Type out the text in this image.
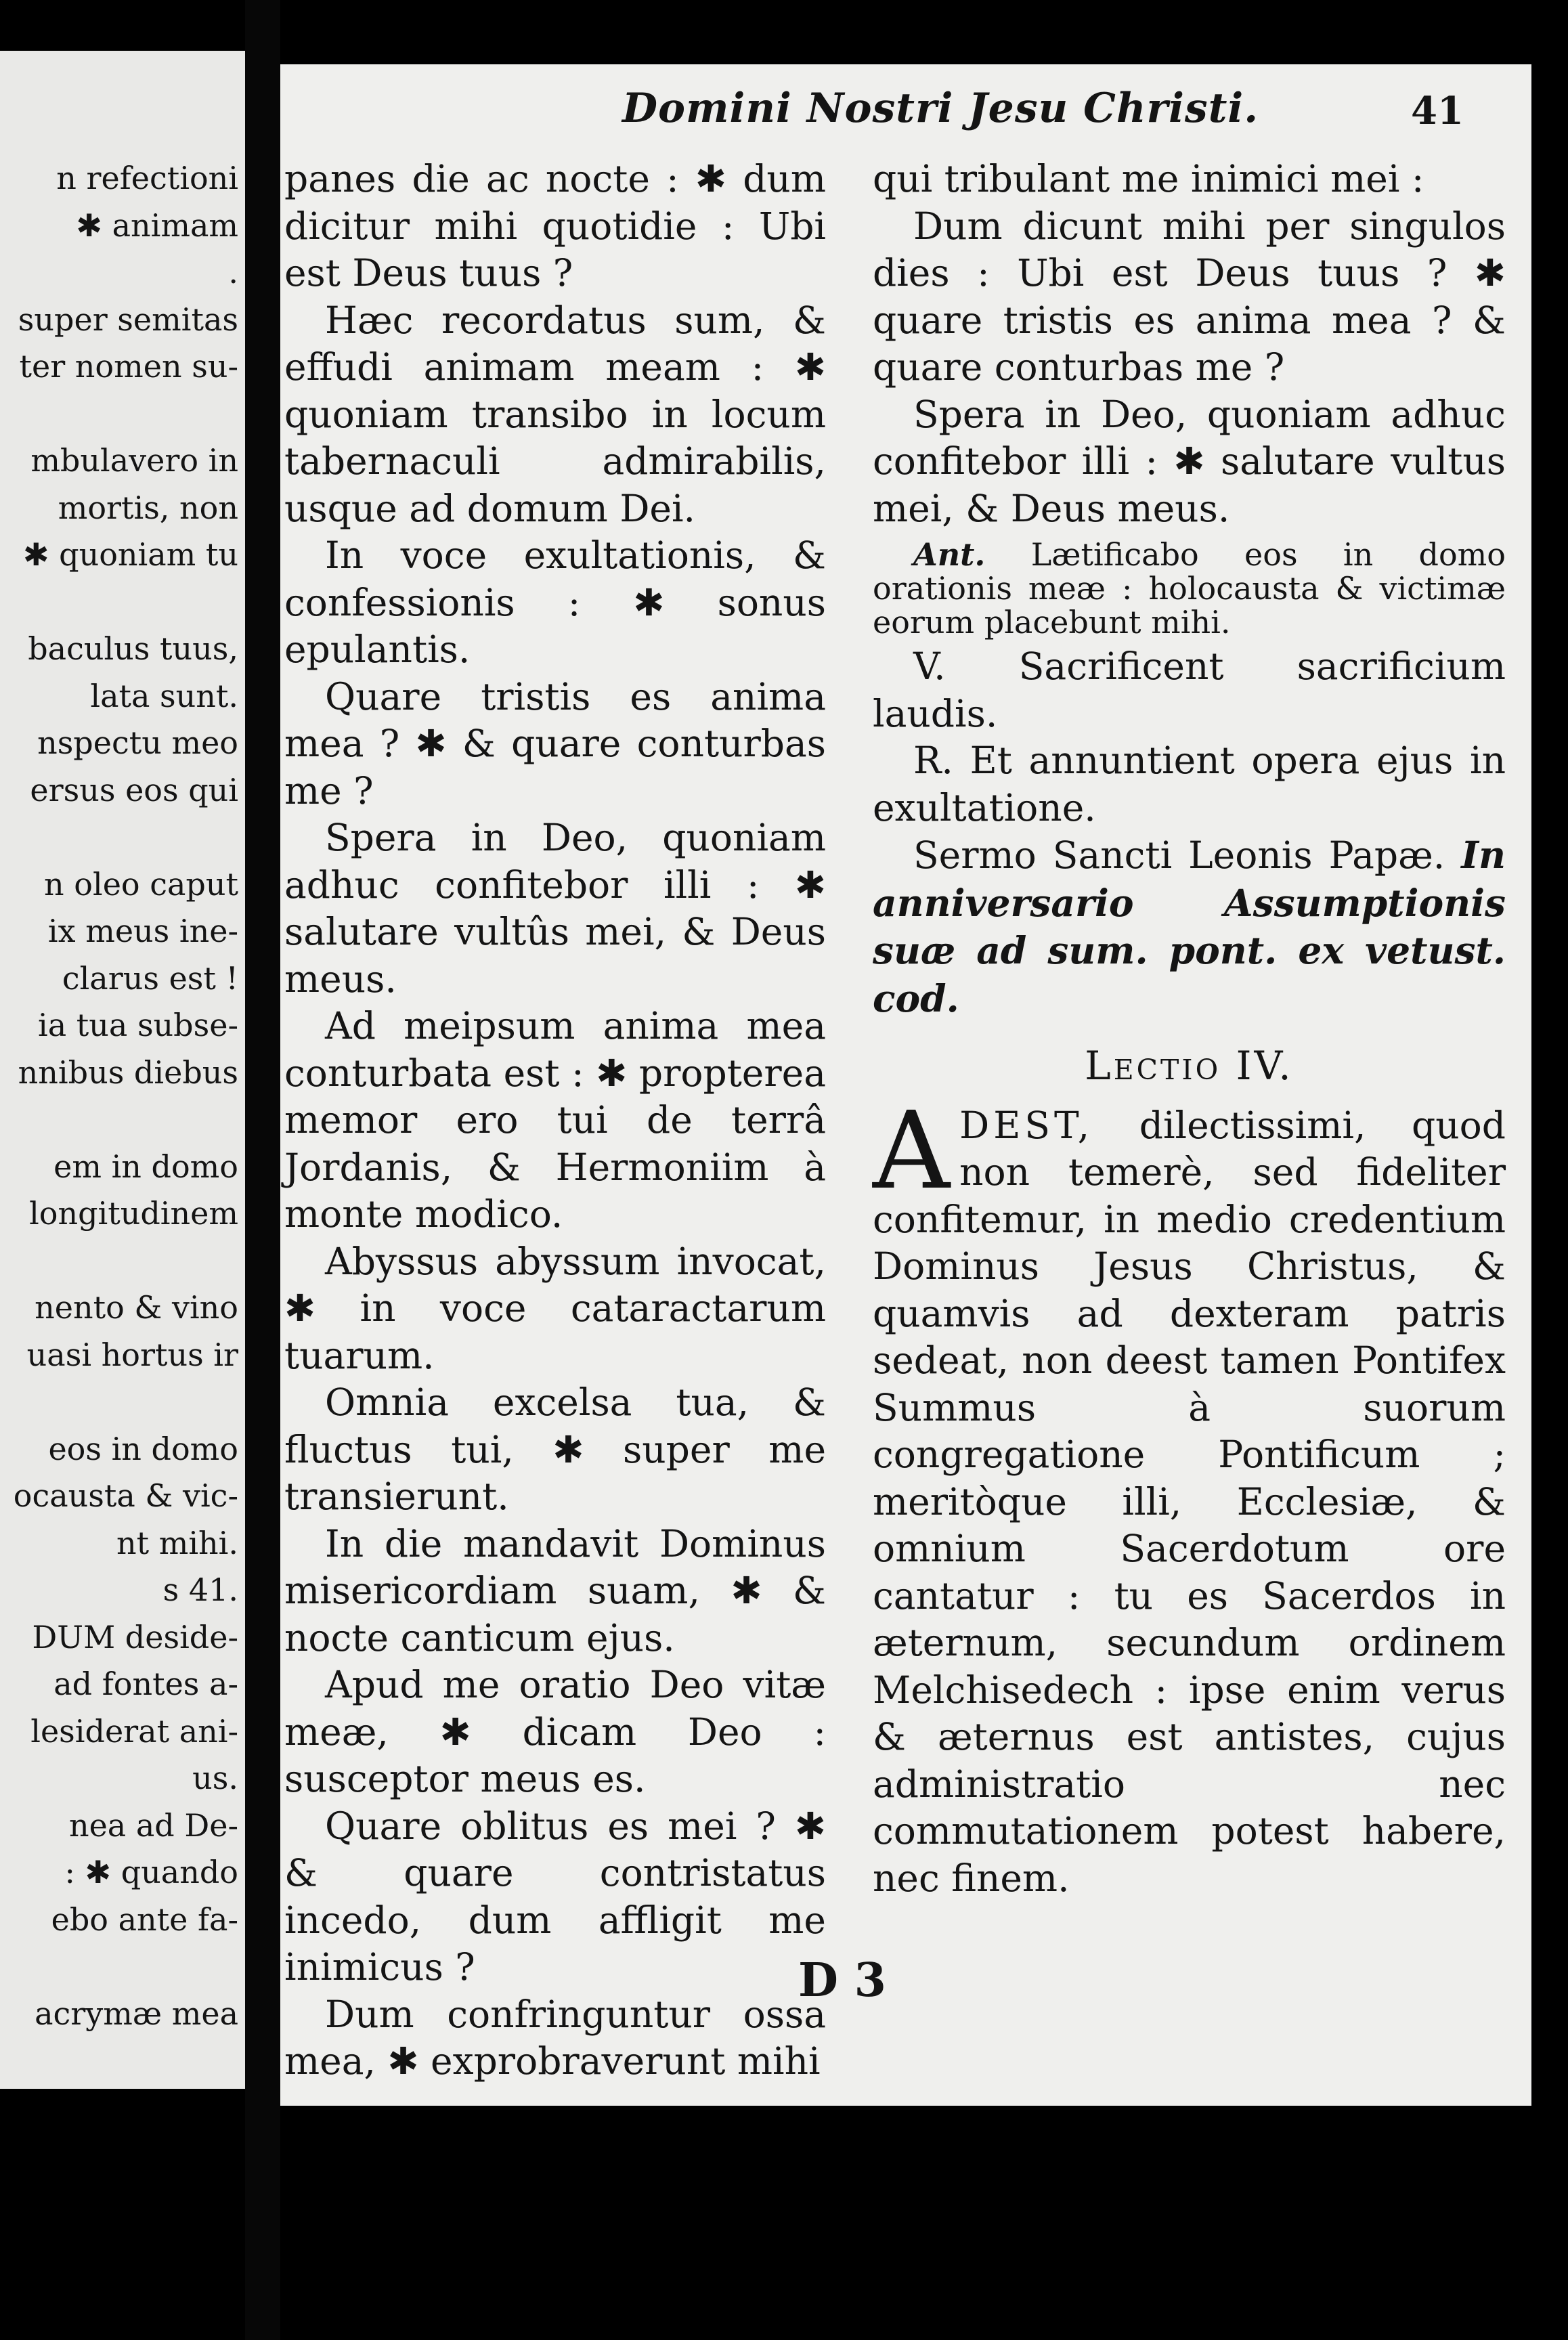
n refectioni
✱ animam
.
super semitas
ter nomen su-
mbulavero in
mortis, non
✱ quoniam tu
baculus tuus,
lata sunt.
nspectu meo
ersus eos qui
n oleo caput
ix meus ine-
clarus est !
ia tua subse-
nnibus diebus
em in domo
longitudinem
nento & vino
uasi hortus ir
eos in domo
ocausta & vic-
nt mihi.
s 41.
DUM deside-
ad fontes a-
lesiderat ani-
us.
nea ad De-
: ✱ quando
ebo ante fa-
acrymæ mea
Domini Nostri Jesu Christi.	41

panes die ac nocte : ✱ dum dicitur mihi quotidie : Ubi est Deus tuus ?

Hæc recordatus sum, & effudi animam meam : ✱ quoniam transibo in locum tabernaculi admirabilis, usque ad domum Dei.

In voce exultationis, & confessionis : ✱ sonus epulantis.

Quare tristis es anima mea ? ✱ & quare conturbas me ?

Spera in Deo, quoniam adhuc confitebor illi : ✱ salutare vultûs mei, & Deus meus.

Ad meipsum anima mea conturbata est : ✱ propterea memor ero tui de terrâ Jordanis, & Hermoniim à monte modico.

Abyssus abyssum invocat, ✱ in voce cataractarum tuarum.

Omnia excelsa tua, & fluctus tui, ✱ super me transierunt.

In die mandavit Dominus misericordiam suam, ✱ & nocte canticum ejus.

Apud me oratio Deo vitæ meæ, ✱ dicam Deo : susceptor meus es.

Quare oblitus es mei ? ✱ & quare contristatus incedo, dum affligit me inimicus ?

Dum confringuntur ossa mea, ✱ exprobraverunt mihi

qui tribulant me inimici mei :

Dum dicunt mihi per singulos dies : Ubi est Deus tuus ? ✱ quare tristis es anima mea ? & quare conturbas me ?

Spera in Deo, quoniam adhuc confitebor illi : ✱ salutare vultus mei, & Deus meus.

Ant. Lætificabo eos in domo orationis meæ : holocausta & victimæ eorum placebunt mihi.

V. Sacrificent sacrificium laudis.

R. Et annuntient opera ejus in exultatione.

Sermo Sancti Leonis Papæ. In anniversario Assumptionis suæ ad sum. pont. ex vetust. cod.

Lectio IV.

ADEST, dilectissimi, quod non temerè, sed fideliter confitemur, in medio credentium Dominus Jesus Christus, & quamvis ad dexteram patris sedeat, non deest tamen Pontifex Summus à suorum congregatione Pontificum ; meritòque illi, Ecclesiæ, & omnium Sacerdotum ore cantatur : tu es Sacerdos in æternum, secundum ordinem Melchisedech : ipse enim verus & æternus est antistes, cujus administratio nec commutationem potest habere, nec finem.

D 3
